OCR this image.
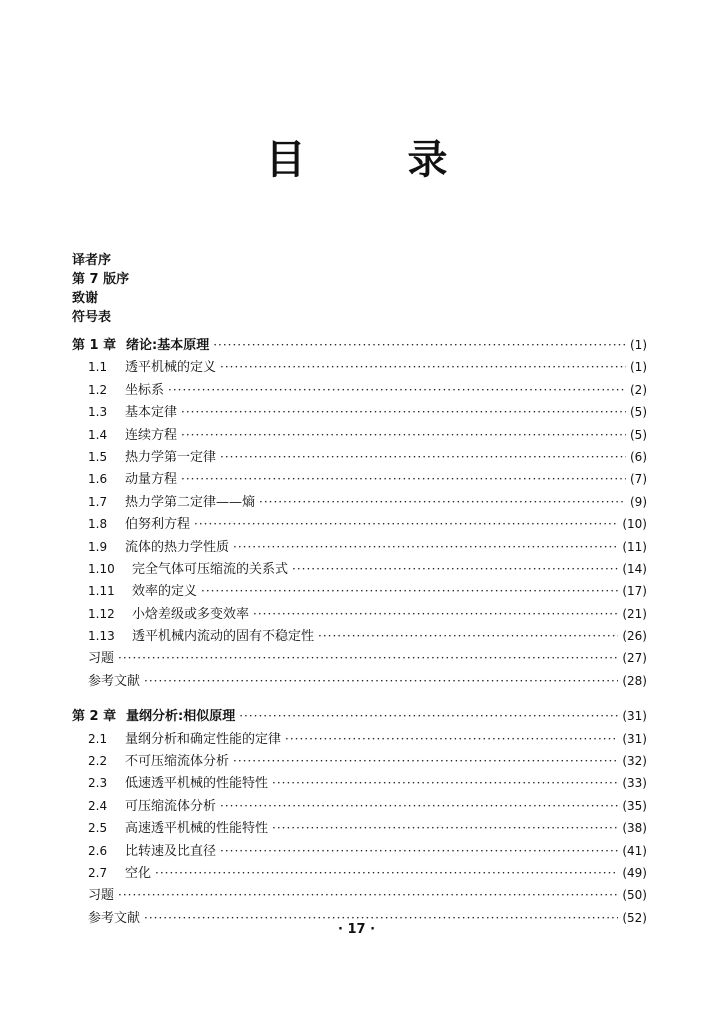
目 录
译者序
第 7 版序
致谢
符号表
第 1 章 绪论:基本原理 ·····	(1)
1.1	透平机械的定义 ·····	(1)
1.2	坐标系 ·····	(2)
1.3	基本定律 ·····	(5)
1.4	连续方程 ·····	(5)
1.5	热力学第一定律 ·····	(6)
1.6	动量方程 ·····	(7)
1.7	热力学第二定律——熵 ·····	(9)
1.8	伯努利方程 ·····	(10)
1.9	流体的热力学性质 ·····	(11)
1.10	完全气体可压缩流的关系式 ·····	(14)
1.11	效率的定义 ·····	(17)
1.12	小焓差级或多变效率 ·····	(21)
1.13	透平机械内流动的固有不稳定性 ·····	(26)
习题 ·····	(27)
参考文献 ·····	(28)
第 2 章 量纲分析:相似原理 ·····	(31)
2.1	量纲分析和确定性能的定律 ·····	(31)
2.2	不可压缩流体分析 ·····	(32)
2.3	低速透平机械的性能特性 ·····	(33)
2.4	可压缩流体分析 ·····	(35)
2.5	高速透平机械的性能特性 ·····	(38)
2.6	比转速及比直径 ·····	(41)
2.7	空化 ·····	(49)
习题 ·····	(50)
参考文献 ·····	(52)
· 17 ·
